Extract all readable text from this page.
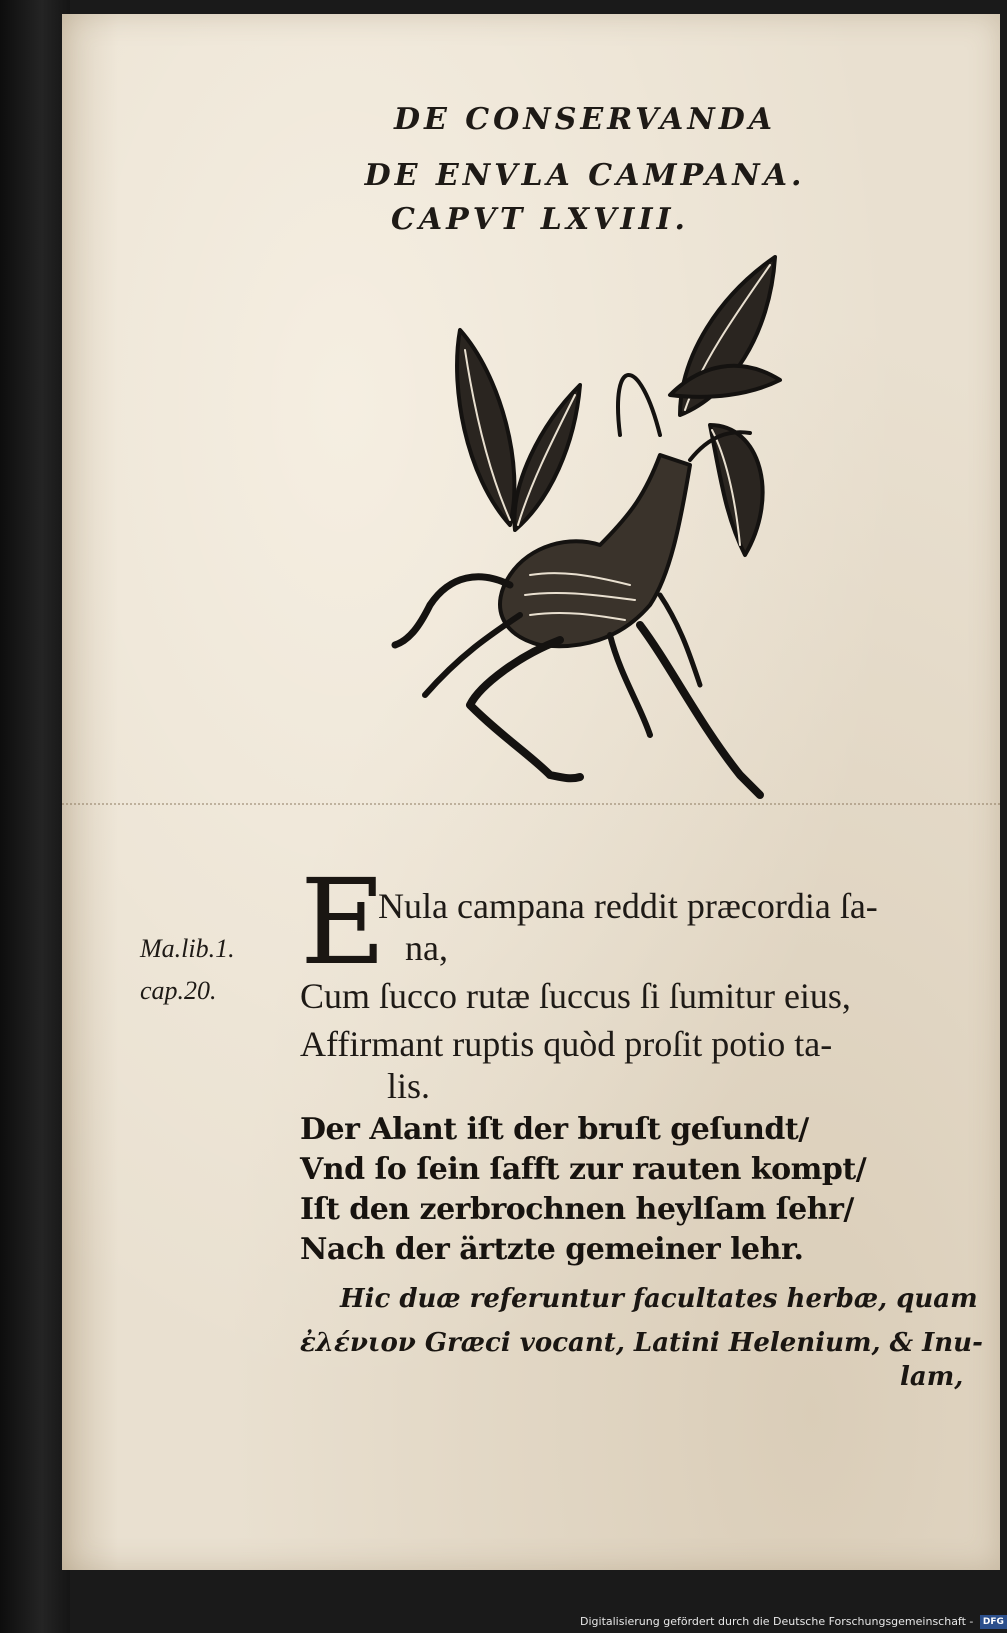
DE CONSERVANDA
DE ENVLA CAMPANA.
CAPVT LXVIII.
Ma.lib.1.
cap.20. E
Nula campana reddit præcordia ſa-
na,
Cum ſucco rutæ ſuccus ſi ſumitur eius,
Affirmant ruptis quòd proſit potio ta-
lis.
Der Alant iſt der bruſt geſundt/
Vnd ſo ſein ſafft zur rauten kompt/
Iſt den zerbrochnen heylſam ſehr/
Nach der ärtzte gemeiner lehr.
Hic duæ referuntur facultates herbæ, quam
ἐλένιον Græci vocant, Latini Helenium, & Inu-
lam,
Digitalisierung gefördert durch die Deutsche Forschungsgemeinschaft - DFG
